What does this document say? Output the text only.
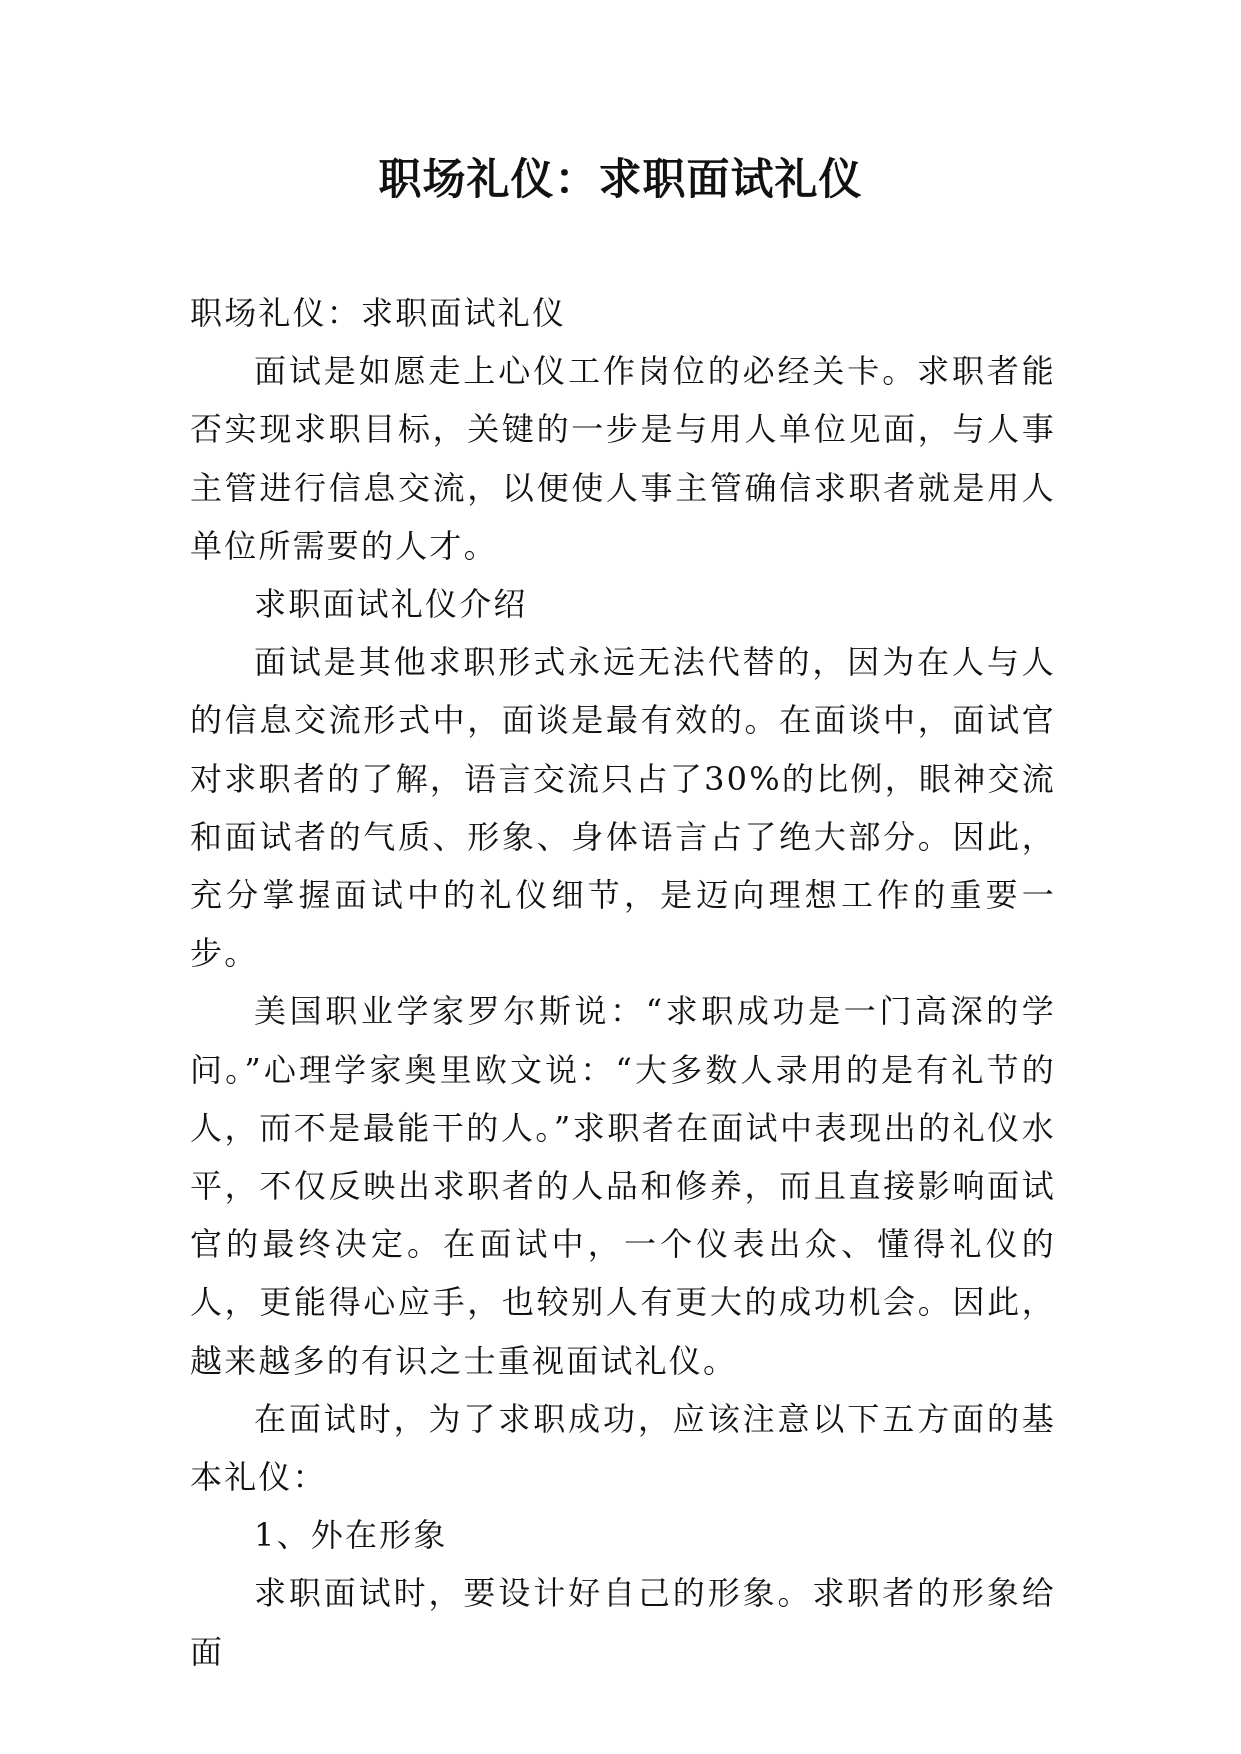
职场礼仪：求职面试礼仪

职场礼仪：求职面试礼仪

面试是如愿走上心仪工作岗位的必经关卡。求职者能否实现求职目标，关键的一步是与用人单位见面，与人事主管进行信息交流，以便使人事主管确信求职者就是用人单位所需要的人才。

求职面试礼仪介绍

面试是其他求职形式永远无法代替的，因为在人与人的信息交流形式中，面谈是最有效的。在面谈中，面试官对求职者的了解，语言交流只占了30%的比例，眼神交流和面试者的气质、形象、身体语言占了绝大部分。因此，充分掌握面试中的礼仪细节，是迈向理想工作的重要一步。

美国职业学家罗尔斯说：“求职成功是一门高深的学问。”心理学家奥里欧文说：“大多数人录用的是有礼节的人，而不是最能干的人。”求职者在面试中表现出的礼仪水平，不仅反映出求职者的人品和修养，而且直接影响面试官的最终决定。在面试中，一个仪表出众、懂得礼仪的人，更能得心应手，也较别人有更大的成功机会。因此，越来越多的有识之士重视面试礼仪。

在面试时，为了求职成功，应该注意以下五方面的基本礼仪：

1、外在形象

求职面试时，要设计好自己的形象。求职者的形象给面
